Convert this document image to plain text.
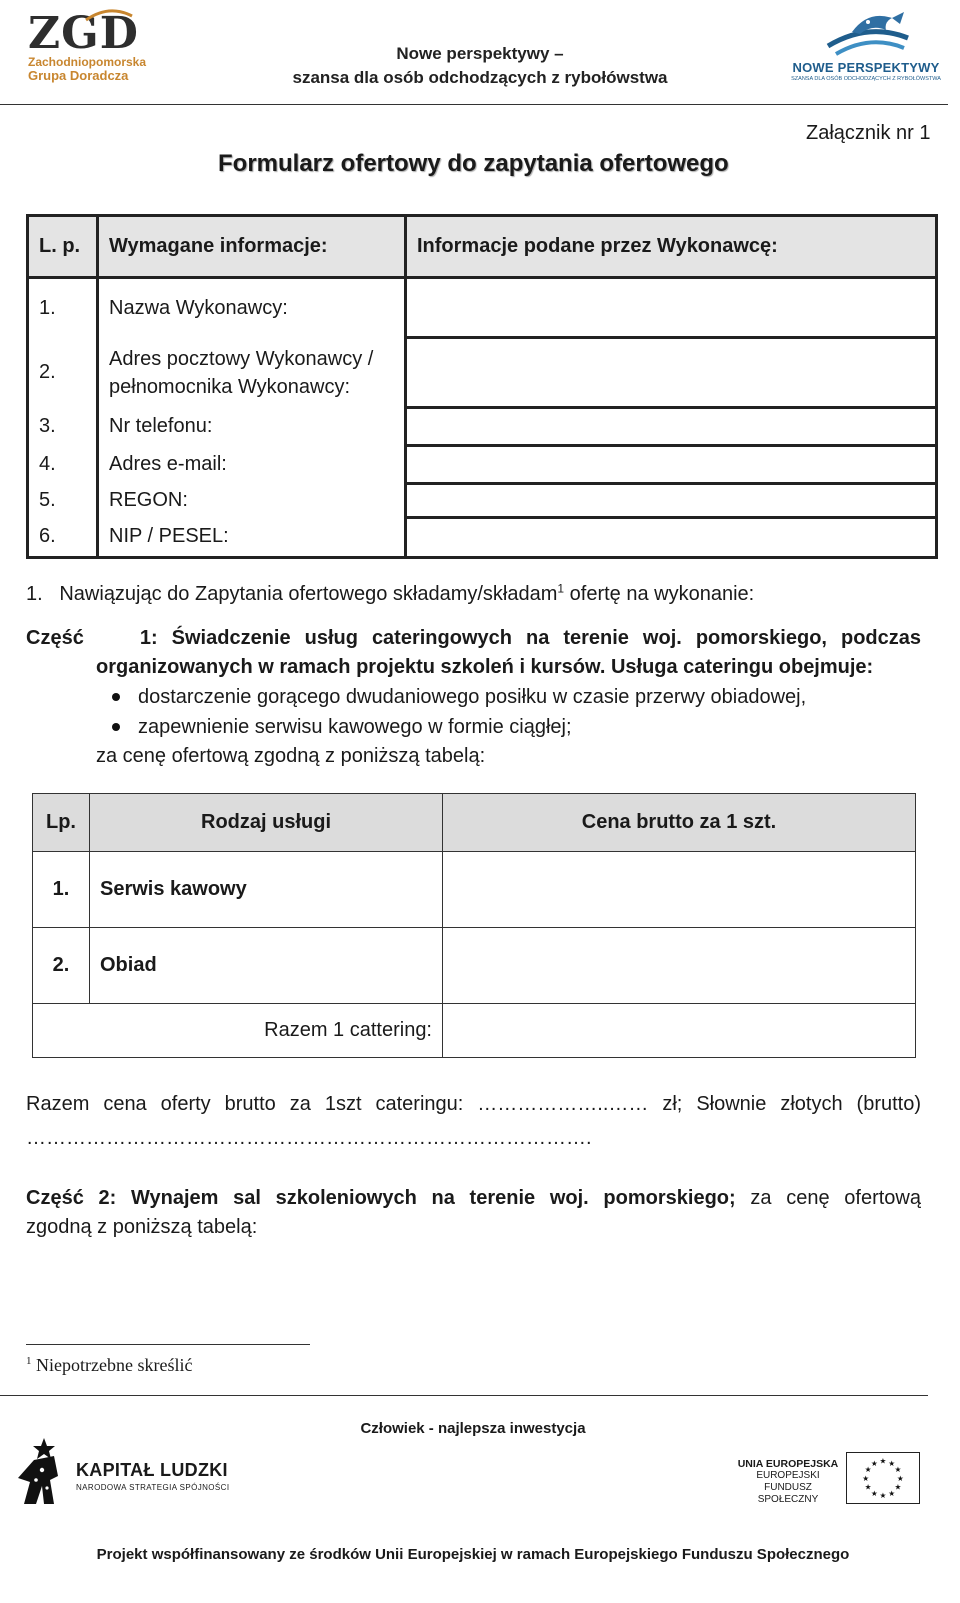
ZGD
Zachodniopomorska
Grupa Doradcza
Nowe perspektywy –
szansa dla osób odchodzących z rybołówstwa
NOWE PERSPEKTYWY
SZANSA DLA OSÓB ODCHODZĄCYCH Z RYBOŁÓWSTWA
Załącznik nr 1
Formularz ofertowy do zapytania ofertowego
L. p.	Wymagane informacje:	Informacje podane przez Wykonawcę:
1.	Nazwa Wykonawcy:	
2.	Adres pocztowy Wykonawcy / pełnomocnika Wykonawcy:	
3.	Nr telefonu:	
4.	Adres e-mail:	
5.	REGON:	
6.	NIP / PESEL:	
1. Nawiązując do Zapytania ofertowego składamy/składam$^1$ ofertę na wykonanie:
Część	1: Świadczenie usług cateringowych na terenie woj. pomorskiego, podczas
organizowanych w ramach projektu szkoleń i kursów. Usługa cateringu obejmuje:
dostarczenie gorącego dwudaniowego posiłku w czasie przerwy obiadowej,
zapewnienie serwisu kawowego w formie ciągłej;
za cenę ofertową zgodną z poniższą tabelą:
Lp.	Rodzaj usługi	Cena brutto za 1 szt.
1.	Serwis kawowy	
2.	Obiad	
Razem 1 cattering:		
Razem cena oferty brutto za 1szt cateringu: ………………..…… zł; Słownie złotych (brutto)
………………………………………………………………………….
Część 2: Wynajem sal szkoleniowych na terenie woj. pomorskiego; za cenę ofertową
zgodną z poniższą tabelą:
$^1$ Niepotrzebne skreślić
Człowiek - najlepsza inwestycja
KAPITAŁ LUDZKI
NARODOWA STRATEGIA SPÓJNOŚCI
UNIA EUROPEJSKA
EUROPEJSKI
FUNDUSZ SPOŁECZNY
★ ★
★
★
★
★
★
★
★
★
★
★
Projekt współfinansowany ze środków Unii Europejskiej w ramach Europejskiego Funduszu Społecznego
